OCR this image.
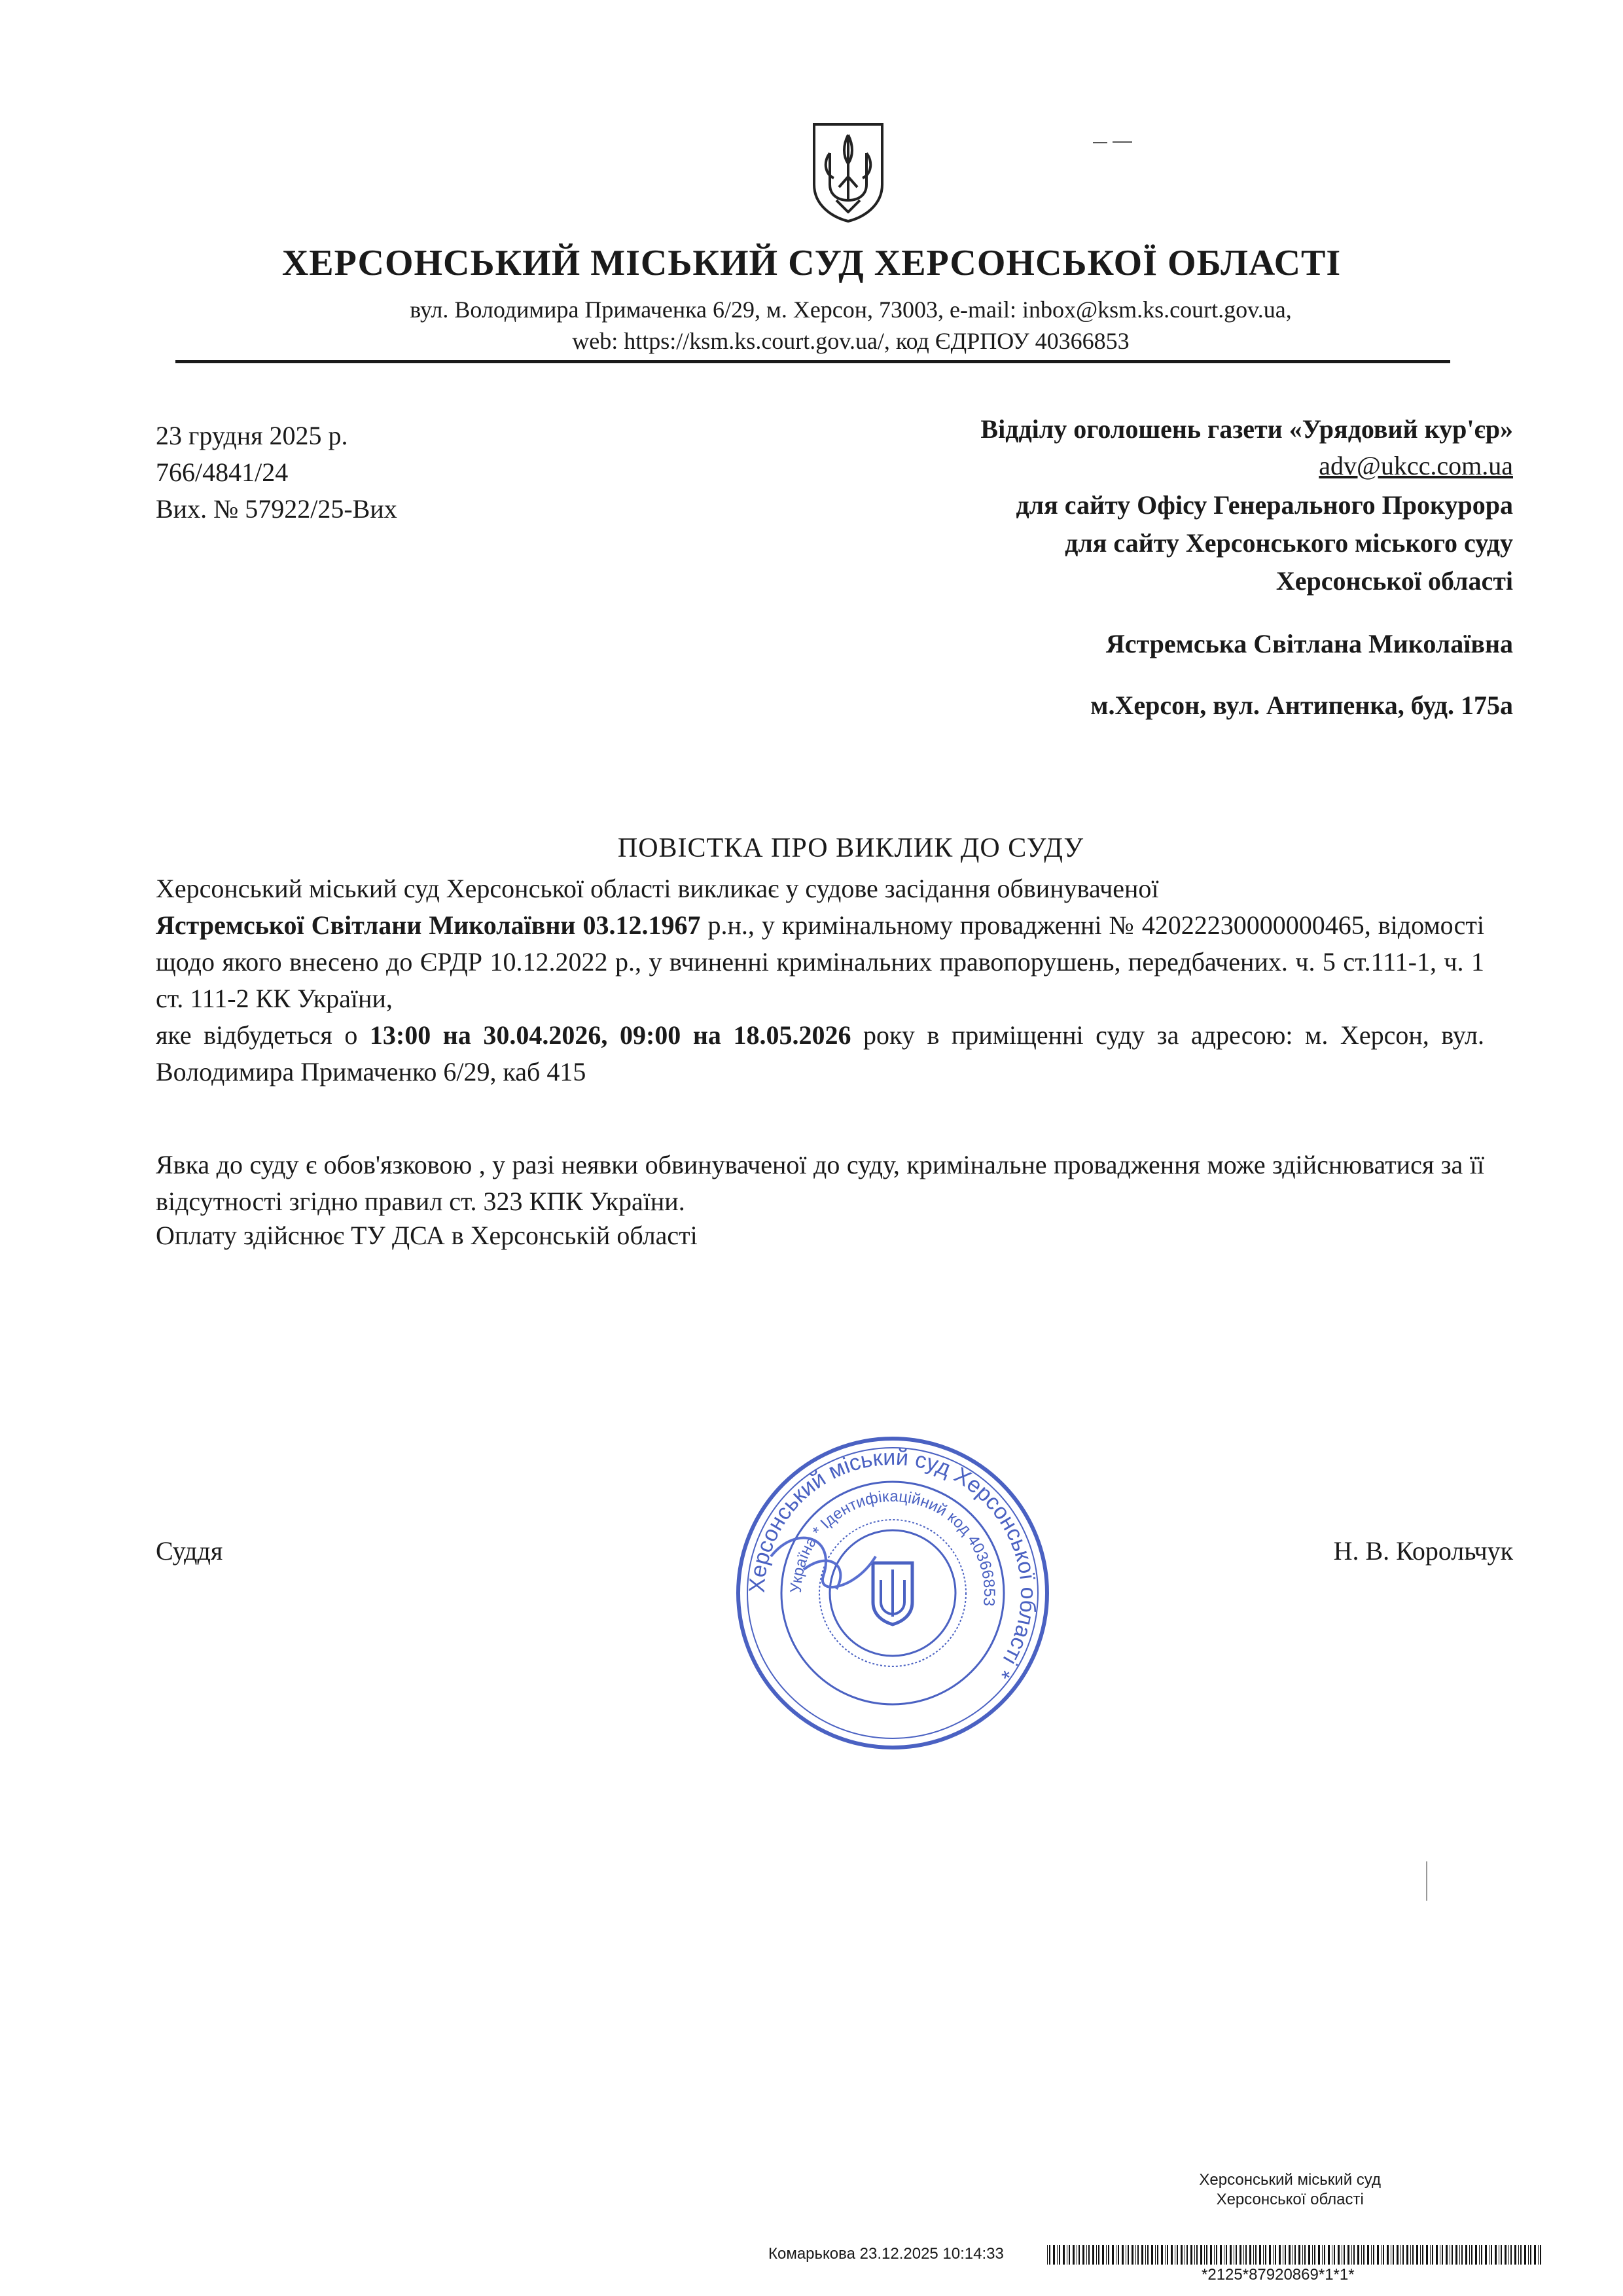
ХЕРСОНСЬКИЙ МІСЬКИЙ СУД ХЕРСОНСЬКОЇ ОБЛАСТІ
вул. Володимира Примаченка 6/29, м. Херсон, 73003, e-mail: inbox@ksm.ks.court.gov.ua,
web: https://ksm.ks.court.gov.ua/, код ЄДРПОУ 40366853
23 грудня 2025 р.
766/4841/24
Вих. № 57922/25-Вих
Відділу оголошень газети «Урядовий кур'єр»
adv@ukcc.com.ua
для сайту Офісу Генерального Прокурора
для сайту Херсонського міського суду
Херсонської області
Ястремська Світлана Миколаївна
м.Херсон, вул. Антипенка, буд. 175а
ПОВІСТКА ПРО ВИКЛИК ДО СУДУ
Херсонський міський суд Херсонської області викликає у судове засідання обвинуваченої
Ястремської Світлани Миколаївни 03.12.1967 р.н., у кримінальному провадженні № 42022230000000465, відомості щодо якого внесено до ЄРДР 10.12.2022 р., у вчиненні кримінальних правопорушень, передбачених. ч. 5 ст.111-1, ч. 1 ст. 111-2 КК України,
яке відбудеться о 13:00 на 30.04.2026, 09:00 на 18.05.2026 року в приміщенні суду за адресою: м. Херсон, вул. Володимира Примаченко 6/29, каб 415
Явка до суду є обов'язковою , у разі неявки обвинуваченої до суду, кримінальне провадження може здійснюватися за її відсутності згідно правил ст. 323 КПК України.
Оплату здійснює ТУ ДСА в Херсонській області
Суддя	Н. В. Корольчук
Херсонський міський суд Херсонської області *
Україна * Ідентифікаційний код 40366853
Херсонський міський суд
Херсонської області
Комарькова 23.12.2025 10:14:33
*2125*87920869*1*1*
